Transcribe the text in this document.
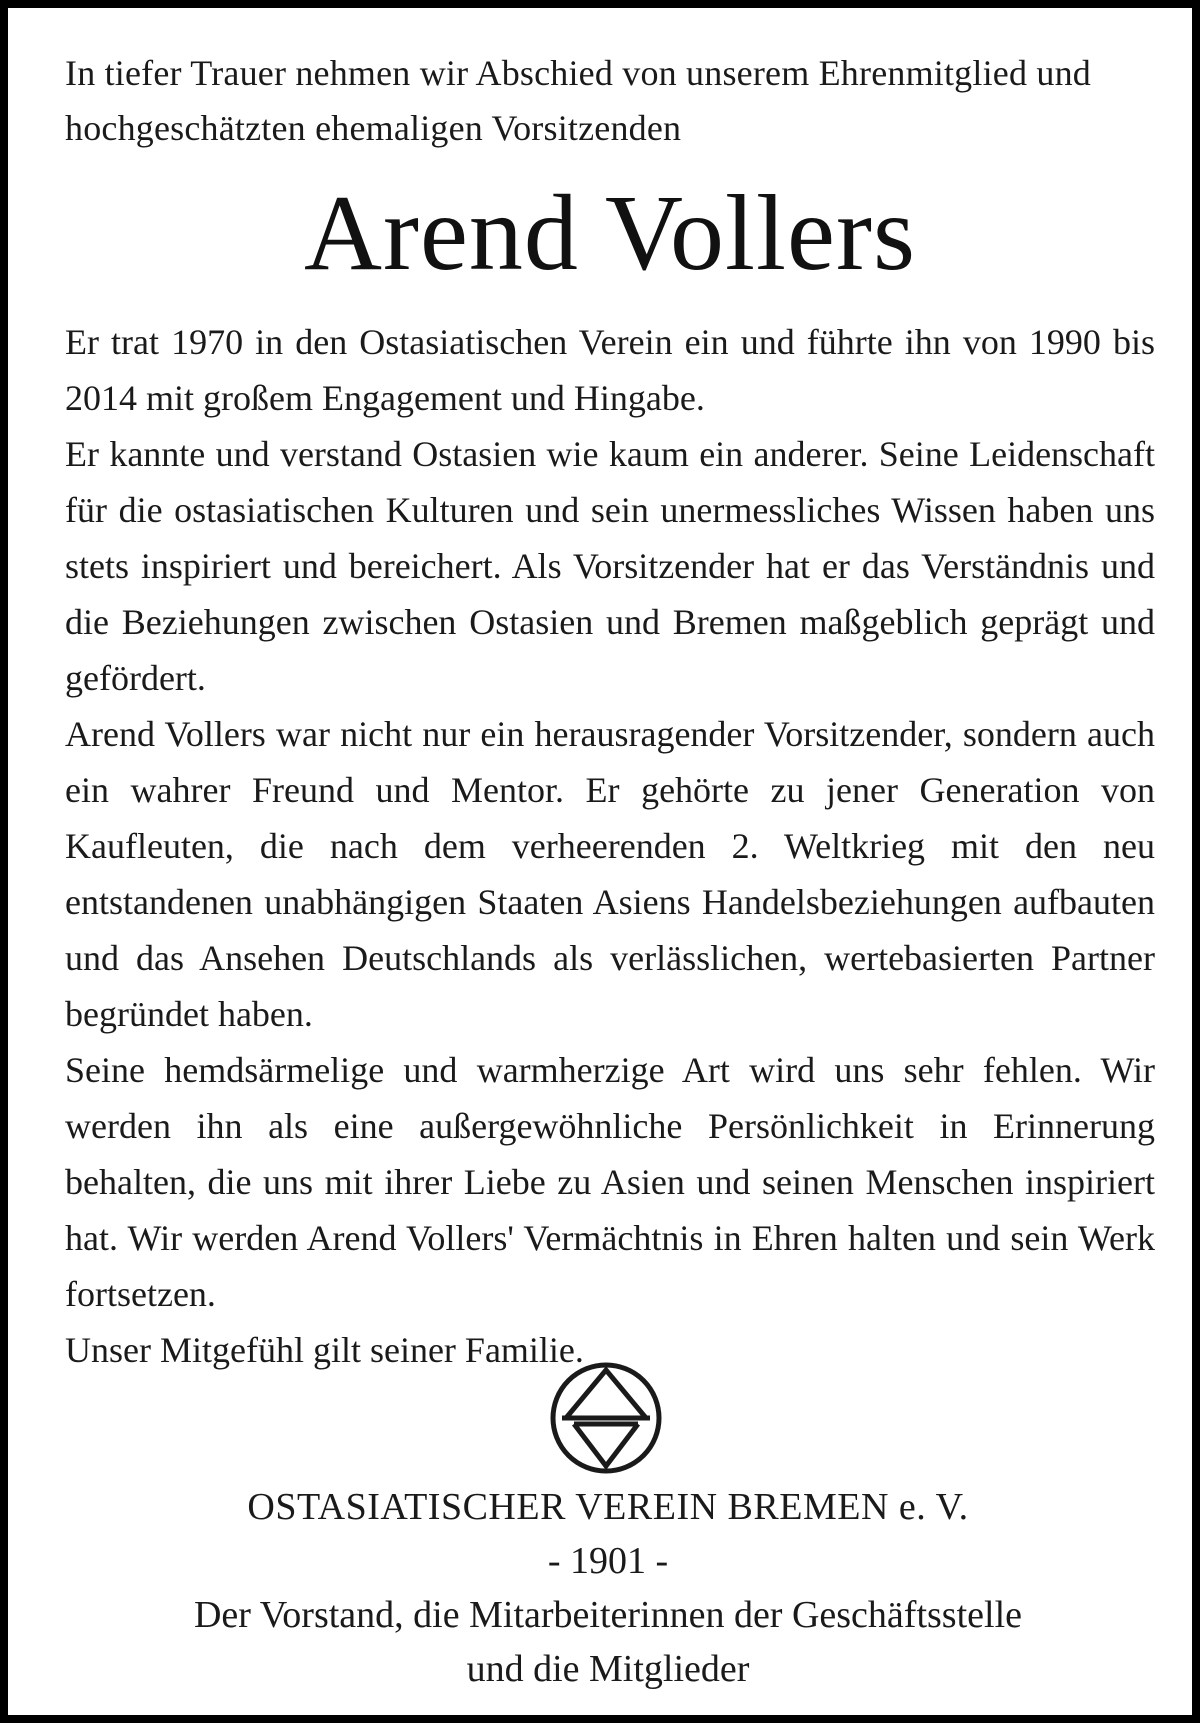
In tiefer Trauer nehmen wir Abschied von unserem Ehrenmitglied und hochgeschätzten ehemaligen Vorsitzenden

Arend Vollers

Er trat 1970 in den Ostasiatischen Verein ein und führte ihn von 1990 bis 2014 mit großem Engagement und Hingabe.

Er kannte und verstand Ostasien wie kaum ein anderer. Seine Leidenschaft für die ostasiatischen Kulturen und sein unermessliches Wissen haben uns stets inspiriert und bereichert. Als Vorsitzender hat er das Verständnis und die Beziehungen zwischen Ostasien und Bremen maßgeblich geprägt und gefördert.

Arend Vollers war nicht nur ein herausragender Vorsitzender, sondern auch ein wahrer Freund und Mentor. Er gehörte zu jener Generation von Kaufleuten, die nach dem verheerenden 2. Weltkrieg mit den neu entstandenen unabhängigen Staaten Asiens Handelsbeziehungen aufbauten und das Ansehen Deutschlands als verlässlichen, wertebasierten Partner begründet haben.

Seine hemdsärmelige und warmherzige Art wird uns sehr fehlen. Wir werden ihn als eine außergewöhnliche Persönlichkeit in Erinnerung behalten, die uns mit ihrer Liebe zu Asien und seinen Menschen inspiriert hat. Wir werden Arend Vollers' Vermächtnis in Ehren halten und sein Werk fortsetzen.

Unser Mitgefühl gilt seiner Familie.

OSTASIATISCHER VEREIN BREMEN e. V.
- 1901 -
Der Vorstand, die Mitarbeiterinnen der Geschäftsstelle
und die Mitglieder
